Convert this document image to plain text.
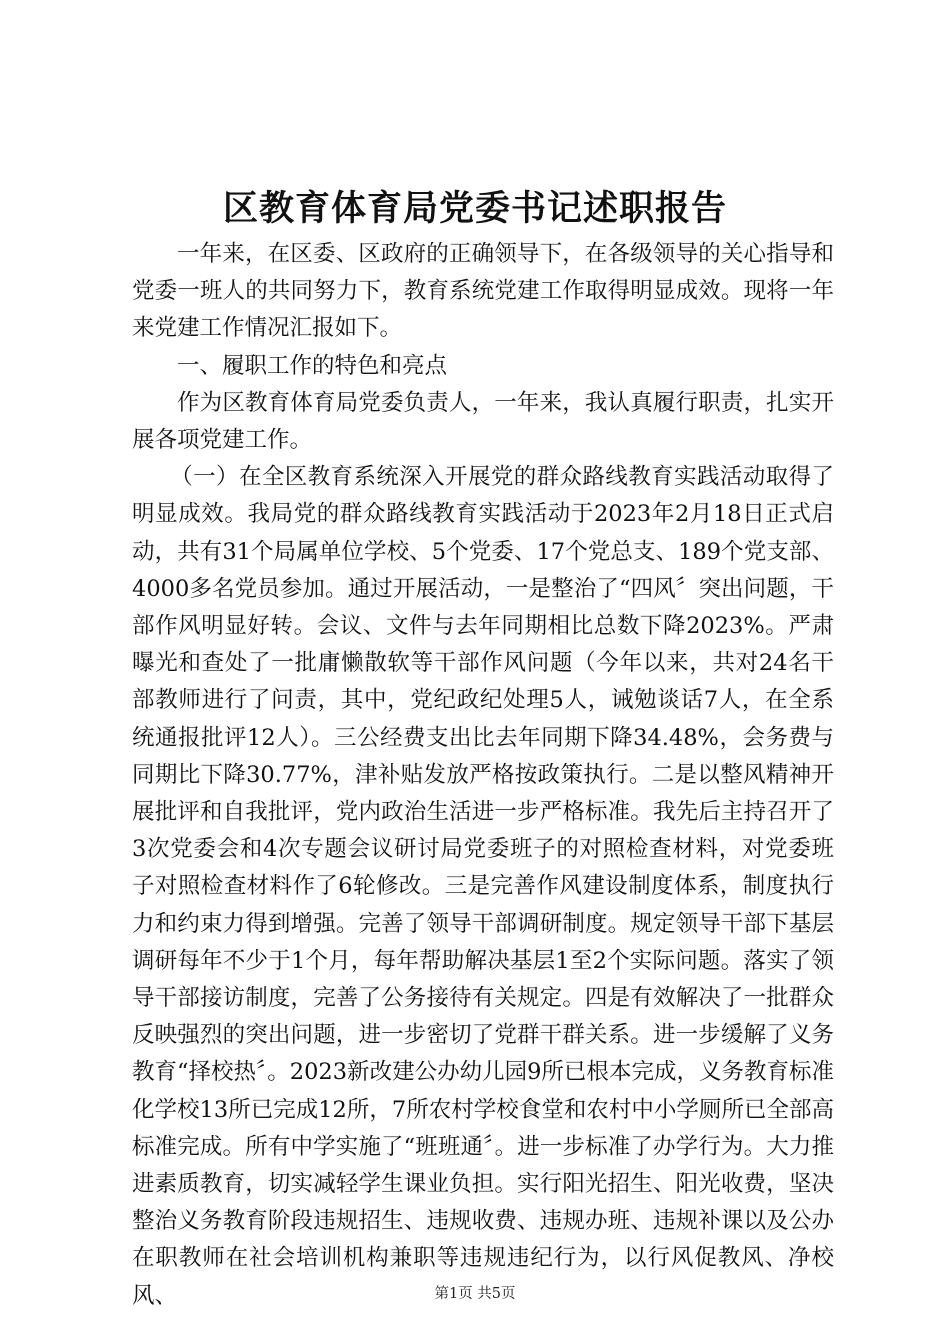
区教育体育局党委书记述职报告

一年来，在区委、区政府的正确领导下，在各级领导的关心指导和党委一班人的共同努力下，教育系统党建工作取得明显成效。现将一年来党建工作情况汇报如下。

一、履职工作的特色和亮点

作为区教育体育局党委负责人，一年来，我认真履行职责，扎实开展各项党建工作。

（一）在全区教育系统深入开展党的群众路线教育实践活动取得了明显成效。我局党的群众路线教育实践活动于2023年2月18日正式启动，共有31个局属单位学校、5个党委、17个党总支、189个党支部、4000多名党员参加。通过开展活动，一是整治了“四风〞突出问题，干部作风明显好转。会议、文件与去年同期相比总数下降2023%。严肃曝光和查处了一批庸懒散软等干部作风问题（今年以来，共对24名干部教师进行了问责，其中，党纪政纪处理5人，诫勉谈话7人，在全系统通报批评12人）。三公经费支出比去年同期下降34.48%，会务费与同期比下降30.77%，津补贴发放严格按政策执行。二是以整风精神开展批评和自我批评，党内政治生活进一步严格标准。我先后主持召开了3次党委会和4次专题会议研讨局党委班子的对照检查材料，对党委班子对照检查材料作了6轮修改。三是完善作风建设制度体系，制度执行力和约束力得到增强。完善了领导干部调研制度。规定领导干部下基层调研每年不少于1个月，每年帮助解决基层1至2个实际问题。落实了领导干部接访制度，完善了公务接待有关规定。四是有效解决了一批群众反映强烈的突出问题，进一步密切了党群干群关系。进一步缓解了义务教育“择校热〞。2023新改建公办幼儿园9所已根本完成，义务教育标准化学校13所已完成12所，7所农村学校食堂和农村中小学厕所已全部高标准完成。所有中学实施了“班班通〞。进一步标准了办学行为。大力推进素质教育，切实减轻学生课业负担。实行阳光招生、阳光收费，坚决整治义务教育阶段违规招生、违规收费、违规办班、违规补课以及公办在职教师在社会培训机构兼职等违规违纪行为，以行风促教风、净校风、	第1页 共5页
